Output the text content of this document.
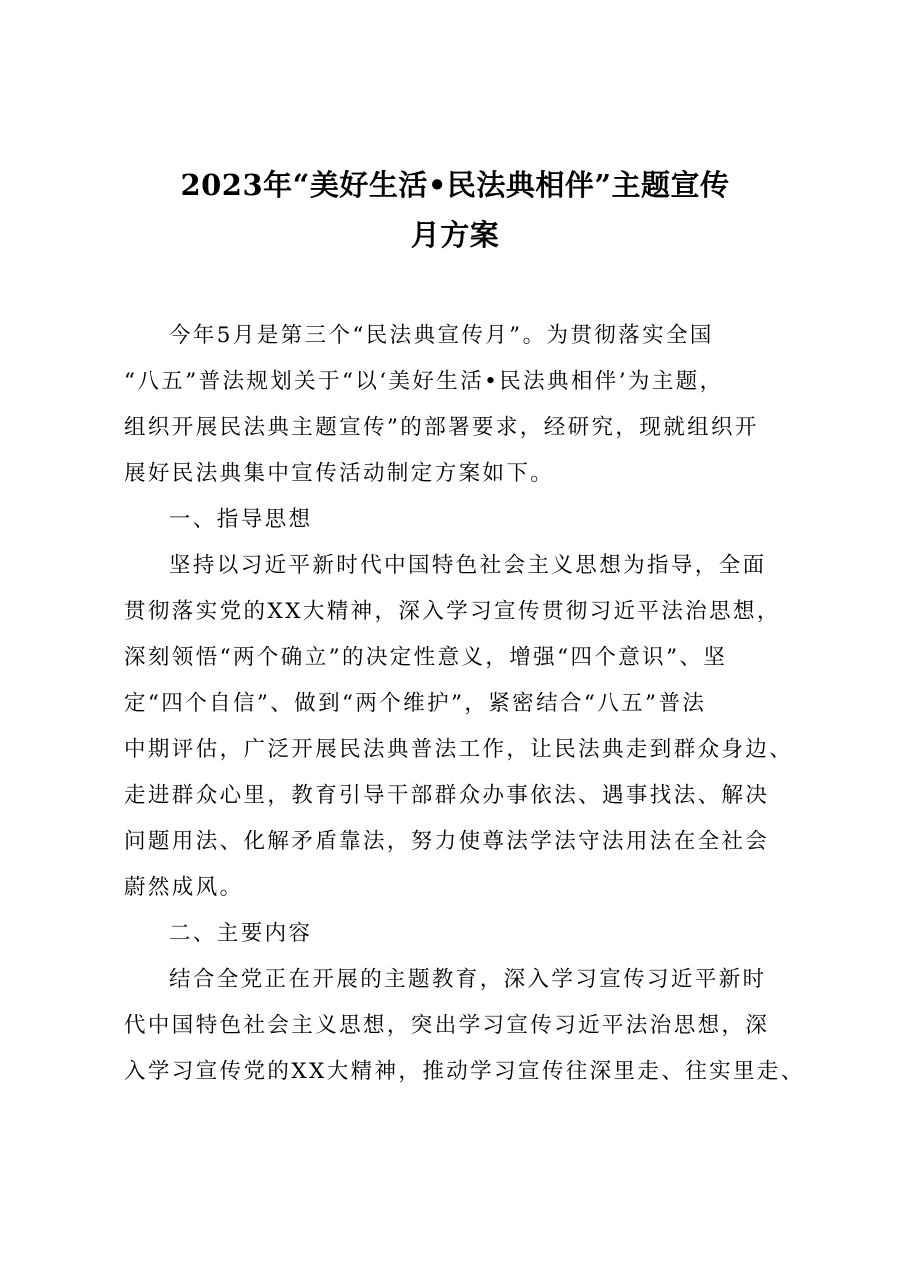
2023年“美好生活•民法典相伴”主题宣传
月方案
今年5月是第三个“民法典宣传月”。为贯彻落实全国
“八五”普法规划关于“以‘美好生活•民法典相伴’为主题，
组织开展民法典主题宣传”的部署要求，经研究，现就组织开
展好民法典集中宣传活动制定方案如下。
一、指导思想
坚持以习近平新时代中国特色社会主义思想为指导，全面
贯彻落实党的XX大精神，深入学习宣传贯彻习近平法治思想，
深刻领悟“两个确立”的决定性意义，增强“四个意识”、坚
定“四个自信”、做到“两个维护”，紧密结合“八五”普法
中期评估，广泛开展民法典普法工作，让民法典走到群众身边、
走进群众心里，教育引导干部群众办事依法、遇事找法、解决
问题用法、化解矛盾靠法，努力使尊法学法守法用法在全社会
蔚然成风。
二、主要内容
结合全党正在开展的主题教育，深入学习宣传习近平新时
代中国特色社会主义思想，突出学习宣传习近平法治思想，深
入学习宣传党的XX大精神，推动学习宣传往深里走、往实里走、
